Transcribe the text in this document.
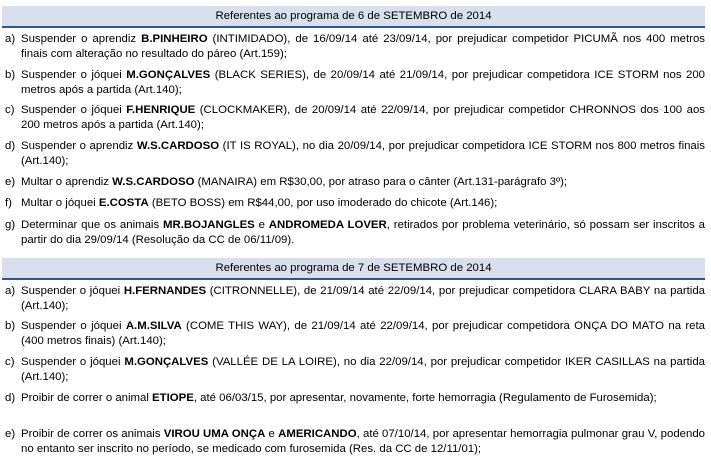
Referentes ao programa de 6 de SETEMBRO de 2014
a) Suspender o aprendiz B.PINHEIRO (INTIMIDADO), de 16/09/14 até 23/09/14, por prejudicar competidor PICUMÃ nos 400 metros finais com alteração no resultado do páreo (Art.159);
b) Suspender o jóquei M.GONÇALVES (BLACK SERIES), de 20/09/14 até 21/09/14, por prejudicar competidora ICE STORM nos 200 metros após a partida (Art.140);
c) Suspender o jóquei F.HENRIQUE (CLOCKMAKER), de 20/09/14 até 22/09/14, por prejudicar competidor CHRONNOS dos 100 aos 200 metros após a partida (Art.140);
d) Suspender o aprendiz W.S.CARDOSO (IT IS ROYAL), no dia 20/09/14, por prejudicar competidora ICE STORM nos 800 metros finais (Art.140);
e) Multar o aprendiz W.S.CARDOSO (MANAIRA) em R$30,00, por atraso para o cânter (Art.131-parágrafo 3º);
f) Multar o jóquei E.COSTA (BETO BOSS) em R$44,00, por uso imoderado do chicote (Art.146);
g) Determinar que os animais MR.BOJANGLES e ANDROMEDA LOVER, retirados por problema veterinário, só possam ser inscritos a partir do dia 29/09/14 (Resolução da CC de 06/11/09).
Referentes ao programa de 7 de SETEMBRO de 2014
a) Suspender o jóquei H.FERNANDES (CITRONNELLE), de 21/09/14 até 22/09/14, por prejudicar competidora CLARA BABY na partida (Art.140);
b) Suspender o jóquei A.M.SILVA (COME THIS WAY), de 21/09/14 até 22/09/14, por prejudicar competidora ONÇA DO MATO na reta (400 metros finais) (Art.140);
c) Suspender o jóquei M.GONÇALVES (VALLÉE DE LA LOIRE), no dia 22/09/14, por prejudicar competidor IKER CASILLAS na partida (Art.140);
d) Proibir de correr o animal ETIOPE, até 06/03/15, por apresentar, novamente, forte hemorragia (Regulamento de Furosemida);
e) Proibir de correr os animais VIROU UMA ONÇA e AMERICANDO, até 07/10/14, por apresentar hemorragia pulmonar grau V, podendo no entanto ser inscrito no período, se medicado com furosemida (Res. da CC de 12/11/01);
